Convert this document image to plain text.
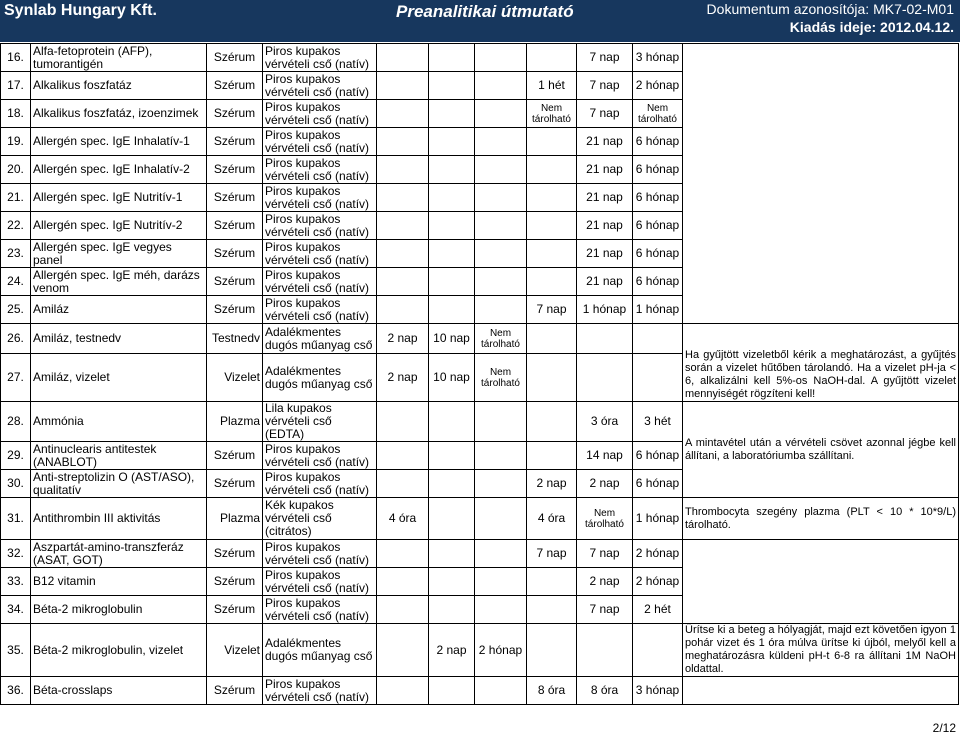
Synlab Hungary Kft.	Preanalitikai útmutató	Dokumentum azonosítója: MK7-02-M01
Kiadás ideje: 2012.04.12.
16.	Alfa-fetoprotein (AFP), tumorantigén	Szérum	Piros kupakos vérvételi cső (natív)					7 nap	3 hónap	
17.	Alkalikus foszfatáz	Szérum	Piros kupakos vérvételi cső (natív)				1 hét	7 nap	2 hónap	
18.	Alkalikus foszfatáz, izoenzimek	Szérum	Piros kupakos vérvételi cső (natív)				Nem tárolható	7 nap	Nem tárolható	
19.	Allergén spec. IgE Inhalatív-1	Szérum	Piros kupakos vérvételi cső (natív)					21 nap	6 hónap	
20.	Allergén spec. IgE Inhalatív-2	Szérum	Piros kupakos vérvételi cső (natív)					21 nap	6 hónap	
21.	Allergén spec. IgE Nutritív-1	Szérum	Piros kupakos vérvételi cső (natív)					21 nap	6 hónap	
22.	Allergén spec. IgE Nutritív-2	Szérum	Piros kupakos vérvételi cső (natív)					21 nap	6 hónap	
23.	Allergén spec. IgE vegyes panel	Szérum	Piros kupakos vérvételi cső (natív)					21 nap	6 hónap	
24.	Allergén spec. IgE méh, darázs venom	Szérum	Piros kupakos vérvételi cső (natív)					21 nap	6 hónap	
25.	Amiláz	Szérum	Piros kupakos vérvételi cső (natív)				7 nap	1 hónap	1 hónap	
26.	Amiláz, testnedv	Testnedv	Adalékmentes dugós műanyag cső	2 nap	10 nap	Nem tárolható				Ha gyűjtött vizeletből kérik a meghatározást, a gyűjtés során a vizelet hűtőben tárolandó. Ha a vizelet pH-ja < 6, alkalizálni kell 5%-os NaOH-dal. A gyűjtött vizelet mennyiségét rögzíteni kell!
27.	Amiláz, vizelet	Vizelet	Adalékmentes dugós műanyag cső	2 nap	10 nap	Nem tárolható				
28.	Ammónia	Plazma	Lila kupakos vérvételi cső (EDTA)					3 óra	3 hét	A mintavétel után a vérvételi csövet azonnal jégbe kell állítani, a laboratóriumba szállítani.
29.	Antinuclearis antitestek (ANABLOT)	Szérum	Piros kupakos vérvételi cső (natív)					14 nap	6 hónap	
30.	Anti-streptolizin O (AST/ASO), qualitatív	Szérum	Piros kupakos vérvételi cső (natív)				2 nap	2 nap	6 hónap	
31.	Antithrombin III aktivitás	Plazma	Kék kupakos vérvételi cső (citrátos)	4 óra			4 óra	Nem tárolható	1 hónap	Thrombocyta szegény plazma (PLT < 10 * 10*9/L) tárolható.
32.	Aszpartát-amino-transzferáz (ASAT, GOT)	Szérum	Piros kupakos vérvételi cső (natív)				7 nap	7 nap	2 hónap	
33.	B12 vitamin	Szérum	Piros kupakos vérvételi cső (natív)					2 nap	2 hónap	
34.	Béta-2 mikroglobulin	Szérum	Piros kupakos vérvételi cső (natív)					7 nap	2 hét	
35.	Béta-2 mikroglobulin, vizelet	Vizelet	Adalékmentes dugós műanyag cső		2 nap	2 hónap				Ürítse ki a beteg a hólyagját, majd ezt követően igyon 1 pohár vizet és 1 óra múlva ürítse ki újból, melyől kell a meghatározásra küldeni pH-t 6-8 ra állítani 1M NaOH oldattal.
36.	Béta-crosslaps	Szérum	Piros kupakos vérvételi cső (natív)				8 óra	8 óra	3 hónap	
2/12
